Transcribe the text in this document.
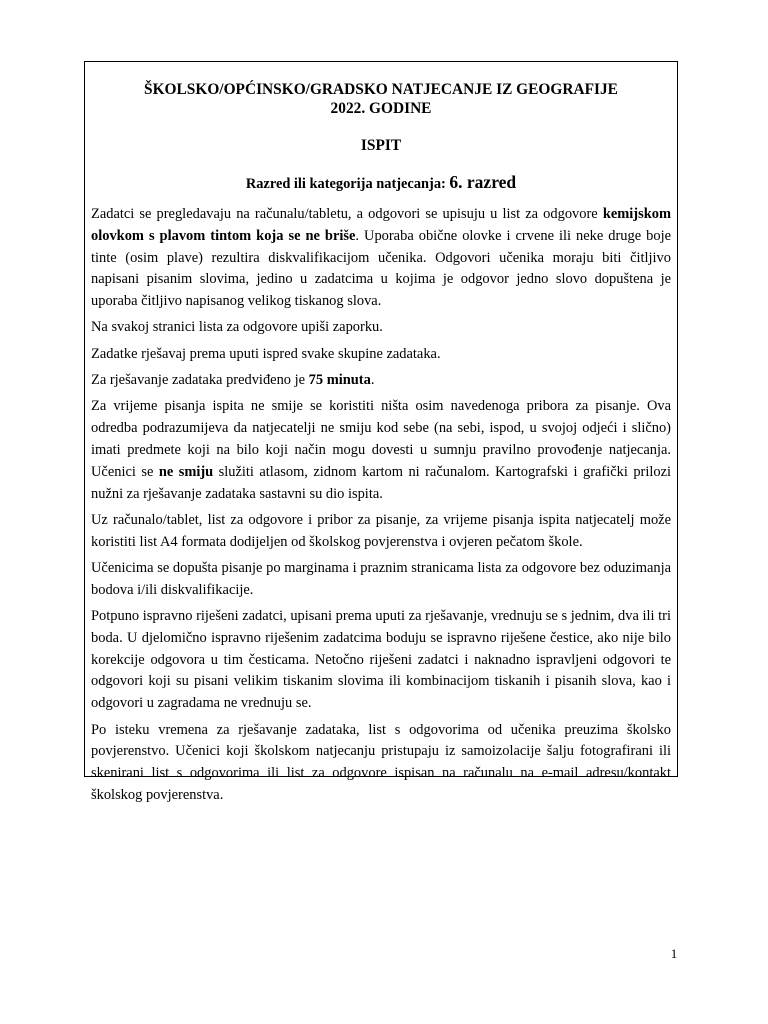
ŠKOLSKO/OPĆINSKO/GRADSKO NATJECANJE IZ GEOGRAFIJE
2022. GODINE

ISPIT

Razred ili kategorija natjecanja: 6. razred

Zadatci se pregledavaju na računalu/tabletu, a odgovori se upisuju u list za odgovore kemijskom olovkom s plavom tintom koja se ne briše. Uporaba obične olovke i crvene ili neke druge boje tinte (osim plave) rezultira diskvalifikacijom učenika. Odgovori učenika moraju biti čitljivo napisani pisanim slovima, jedino u zadatcima u kojima je odgovor jedno slovo dopuštena je uporaba čitljivo napisanog velikog tiskanog slova.

Na svakoj stranici lista za odgovore upiši zaporku.

Zadatke rješavaj prema uputi ispred svake skupine zadataka.

Za rješavanje zadataka predviđeno je 75 minuta.

Za vrijeme pisanja ispita ne smije se koristiti ništa osim navedenoga pribora za pisanje. Ova odredba podrazumijeva da natjecatelji ne smiju kod sebe (na sebi, ispod, u svojoj odjeći i slično) imati predmete koji na bilo koji način mogu dovesti u sumnju pravilno provođenje natjecanja. Učenici se ne smiju služiti atlasom, zidnom kartom ni računalom. Kartografski i grafički prilozi nužni za rješavanje zadataka sastavni su dio ispita.

Uz računalo/tablet, list za odgovore i pribor za pisanje, za vrijeme pisanja ispita natjecatelj može koristiti list A4 formata dodijeljen od školskog povjerenstva i ovjeren pečatom škole.

Učenicima se dopušta pisanje po marginama i praznim stranicama lista za odgovore bez oduzimanja bodova i/ili diskvalifikacije.

Potpuno ispravno riješeni zadatci, upisani prema uputi za rješavanje, vrednuju se s jednim, dva ili tri boda. U djelomično ispravno riješenim zadatcima boduju se ispravno riješene čestice, ako nije bilo korekcije odgovora u tim česticama. Netočno riješeni zadatci i naknadno ispravljeni odgovori te odgovori koji su pisani velikim tiskanim slovima ili kombinacijom tiskanih i pisanih slova, kao i odgovori u zagradama ne vrednuju se.

Po isteku vremena za rješavanje zadataka, list s odgovorima od učenika preuzima školsko povjerenstvo. Učenici koji školskom natjecanju pristupaju iz samoizolacije šalju fotografirani ili skenirani list s odgovorima ili list za odgovore ispisan na računalu na e-mail adresu/kontakt školskog povjerenstva.

1
